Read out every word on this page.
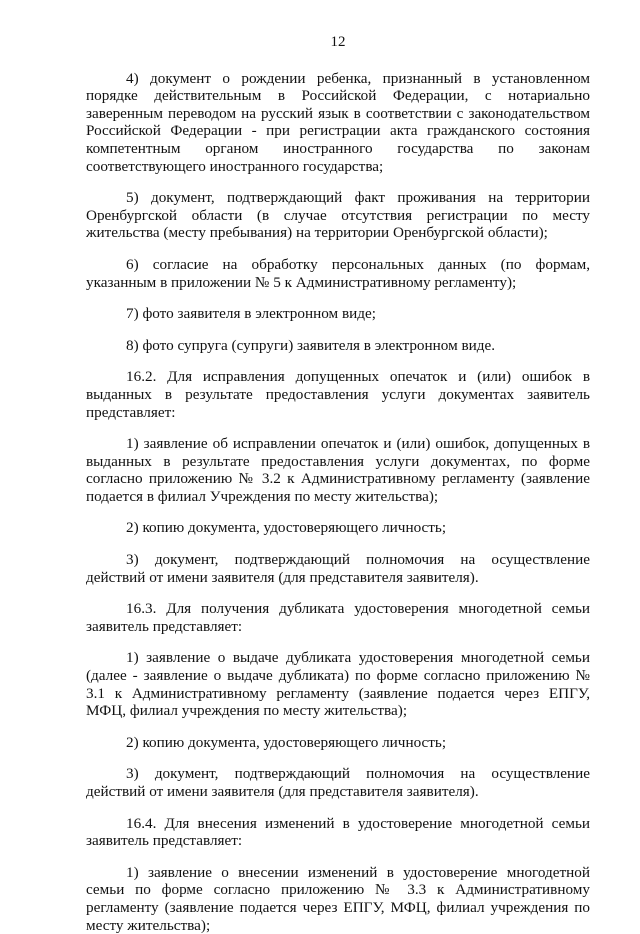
12

4) документ о рождении ребенка, признанный в установленном порядке действительным в Российской Федерации, с нотариально заверенным переводом на русский язык в соответствии с законодательством Российской Федерации - при регистрации акта гражданского состояния компетентным органом иностранного государства по законам соответствующего иностранного государства;

5) документ, подтверждающий факт проживания на территории Оренбургской области (в случае отсутствия регистрации по месту жительства (месту пребывания) на территории Оренбургской области);

6) согласие на обработку персональных данных (по формам, указанным в приложении № 5 к Административному регламенту);

7) фото заявителя в электронном виде;

8) фото супруга (супруги) заявителя в электронном виде.

16.2. Для исправления допущенных опечаток и (или) ошибок в выданных в результате предоставления услуги документах заявитель представляет:

1) заявление об исправлении опечаток и (или) ошибок, допущенных в выданных в результате предоставления услуги документах, по форме согласно приложению № 3.2 к Административному регламенту (заявление подается в филиал Учреждения по месту жительства);

2) копию документа, удостоверяющего личность;

3) документ, подтверждающий полномочия на осуществление действий от имени заявителя (для представителя заявителя).

16.3. Для получения дубликата удостоверения многодетной семьи заявитель представляет:

1) заявление о выдаче дубликата удостоверения многодетной семьи (далее - заявление о выдаче дубликата) по форме согласно приложению № 3.1 к Административному регламенту (заявление подается через ЕПГУ, МФЦ, филиал учреждения по месту жительства);

2) копию документа, удостоверяющего личность;

3) документ, подтверждающий полномочия на осуществление действий от имени заявителя (для представителя заявителя).

16.4. Для внесения изменений в удостоверение многодетной семьи заявитель представляет:

1) заявление о внесении изменений в удостоверение многодетной семьи по форме согласно приложению № 3.3 к Административному регламенту (заявление подается через ЕПГУ, МФЦ, филиал учреждения по месту жительства);
